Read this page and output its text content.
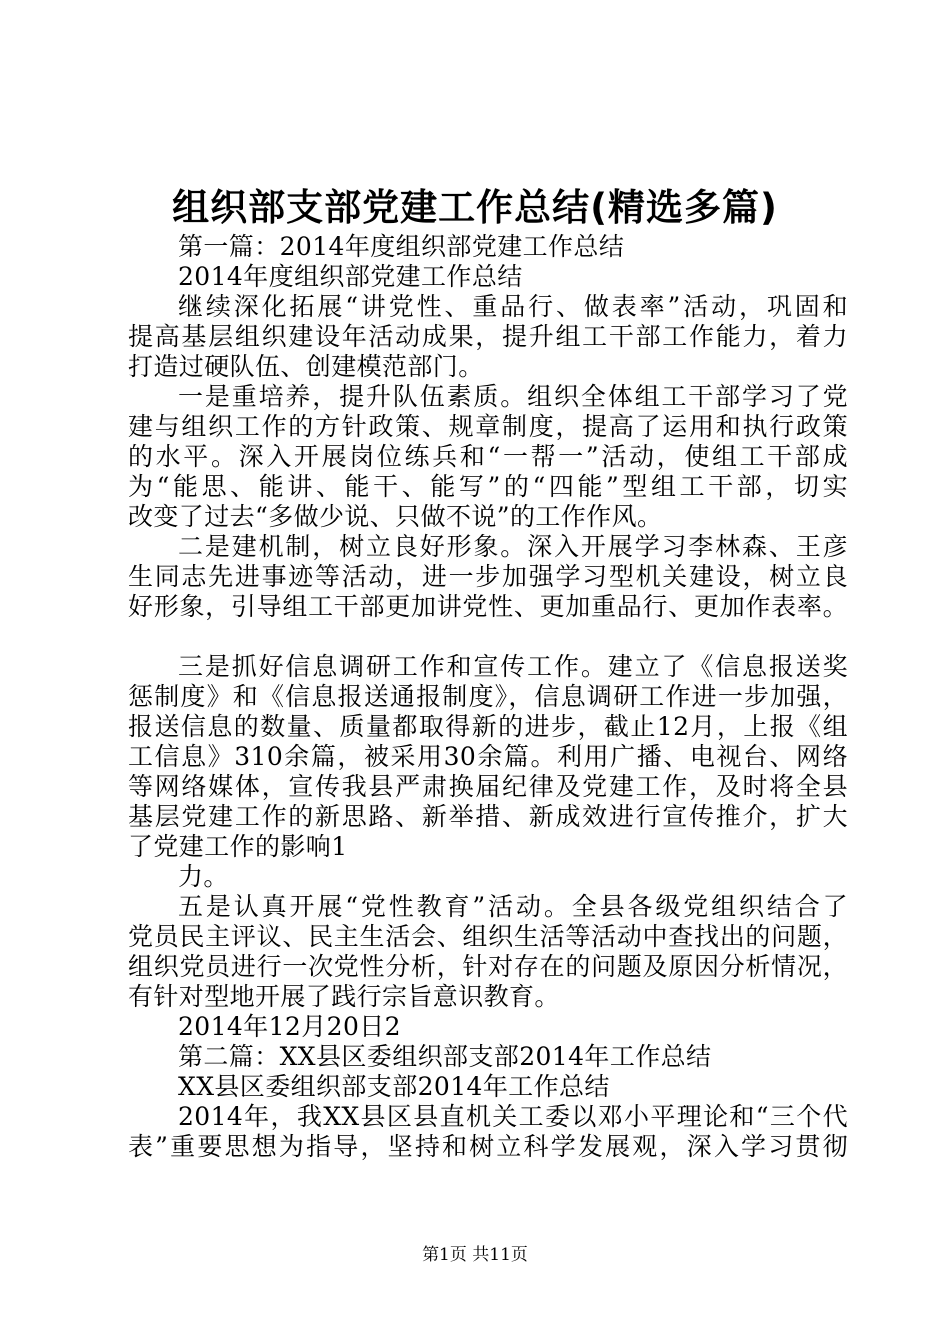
组织部支部党建工作总结(精选多篇)
第一篇：2014年度组织部党建工作总结
2014年度组织部党建工作总结
继续深化拓展“讲党性、重品行、做表率”活动，巩固和
提高基层组织建设年活动成果，提升组工干部工作能力，着力
打造过硬队伍、创建模范部门。
一是重培养，提升队伍素质。组织全体组工干部学习了党
建与组织工作的方针政策、规章制度，提高了运用和执行政策
的水平。深入开展岗位练兵和“一帮一”活动，使组工干部成
为“能思、能讲、能干、能写”的“四能”型组工干部，切实
改变了过去“多做少说、只做不说”的工作作风。
二是建机制，树立良好形象。深入开展学习李林森、王彦
生同志先进事迹等活动，进一步加强学习型机关建设，树立良
好形象，引导组工干部更加讲党性、更加重品行、更加作表率。
三是抓好信息调研工作和宣传工作。建立了《信息报送奖
惩制度》和《信息报送通报制度》，信息调研工作进一步加强，
报送信息的数量、质量都取得新的进步，截止12月，上报《组
工信息》310余篇，被采用30余篇。利用广播、电视台、网络
等网络媒体，宣传我县严肃换届纪律及党建工作，及时将全县
基层党建工作的新思路、新举措、新成效进行宣传推介，扩大
了党建工作的影响1
力。
五是认真开展“党性教育”活动。全县各级党组织结合了
党员民主评议、民主生活会、组织生活等活动中查找出的问题，
组织党员进行一次党性分析，针对存在的问题及原因分析情况，
有针对型地开展了践行宗旨意识教育。
2014年12月20日2
第二篇：XX县区委组织部支部2014年工作总结
XX县区委组织部支部2014年工作总结
2014年，我XX县区县直机关工委以邓小平理论和“三个代
表”重要思想为指导，坚持和树立科学发展观，深入学习贯彻
第1页 共11页
